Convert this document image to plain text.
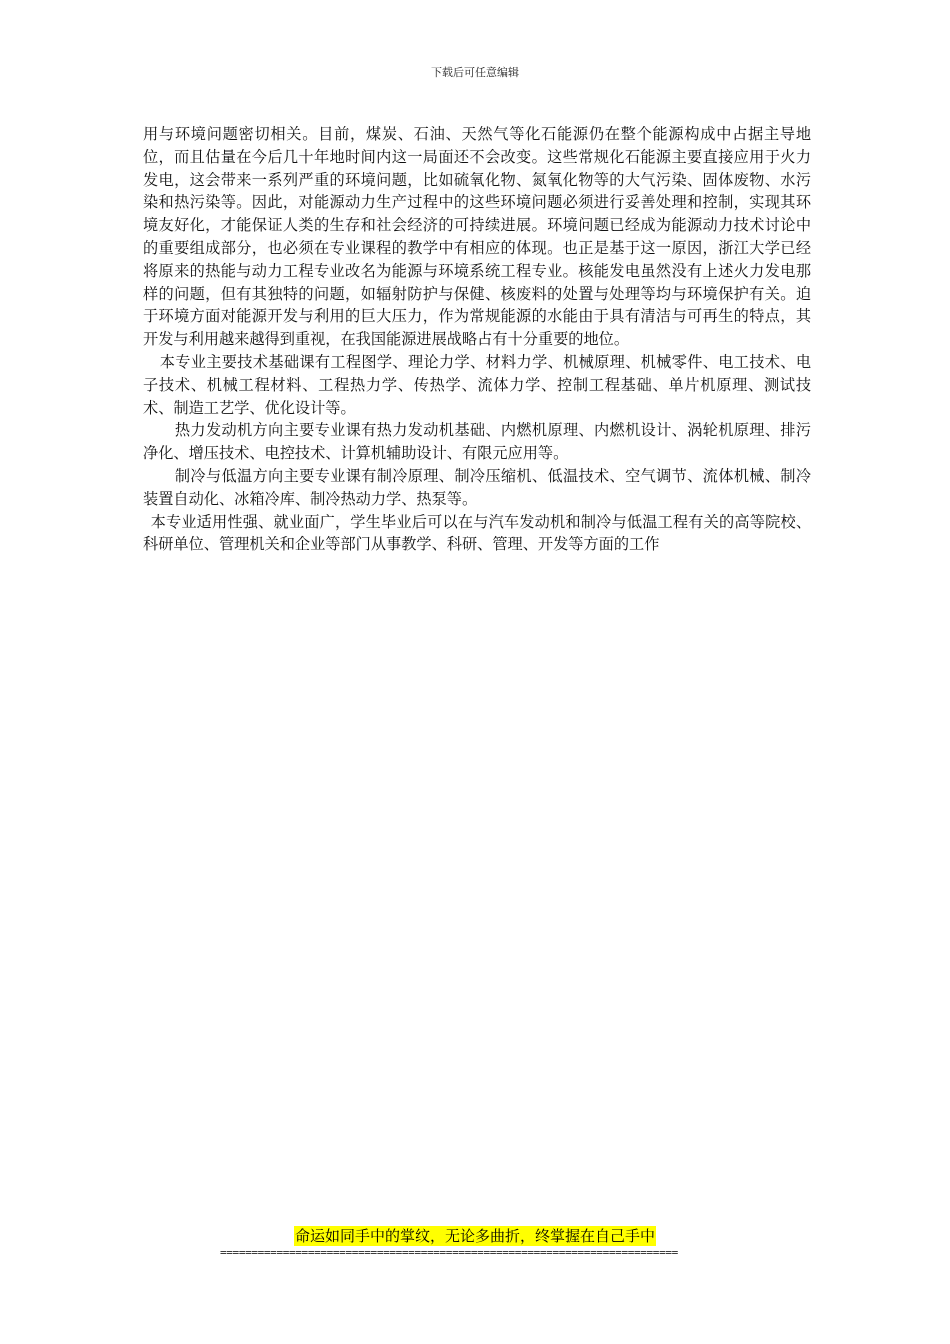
下载后可任意编辑

用与环境问题密切相关。目前，煤炭、石油、天然气等化石能源仍在整个能源构成中占据主导地位，而且估量在今后几十年地时间内这一局面还不会改变。这些常规化石能源主要直接应用于火力发电，这会带来一系列严重的环境问题，比如硫氧化物、氮氧化物等的大气污染、固体废物、水污染和热污染等。因此，对能源动力生产过程中的这些环境问题必须进行妥善处理和控制，实现其环境友好化，才能保证人类的生存和社会经济的可持续进展。环境问题已经成为能源动力技术讨论中的重要组成部分，也必须在专业课程的教学中有相应的体现。也正是基于这一原因，浙江大学已经将原来的热能与动力工程专业改名为能源与环境系统工程专业。核能发电虽然没有上述火力发电那样的问题，但有其独特的问题，如辐射防护与保健、核废料的处置与处理等均与环境保护有关。迫于环境方面对能源开发与利用的巨大压力，作为常规能源的水能由于具有清洁与可再生的特点，其开发与利用越来越得到重视，在我国能源进展战略占有十分重要的地位。

本专业主要技术基础课有工程图学、理论力学、材料力学、机械原理、机械零件、电工技术、电子技术、机械工程材料、工程热力学、传热学、流体力学、控制工程基础、单片机原理、测试技术、制造工艺学、优化设计等。

热力发动机方向主要专业课有热力发动机基础、内燃机原理、内燃机设计、涡轮机原理、排污净化、增压技术、电控技术、计算机辅助设计、有限元应用等。

制冷与低温方向主要专业课有制冷原理、制冷压缩机、低温技术、空气调节、流体机械、制冷装置自动化、冰箱冷库、制冷热动力学、热泵等。

本专业适用性强、就业面广，学生毕业后可以在与汽车发动机和制冷与低温工程有关的高等院校、科研单位、管理机关和企业等部门从事教学、科研、管理、开发等方面的工作

命运如同手中的掌纹，无论多曲折，终掌握在自己手中
=========================================================================
